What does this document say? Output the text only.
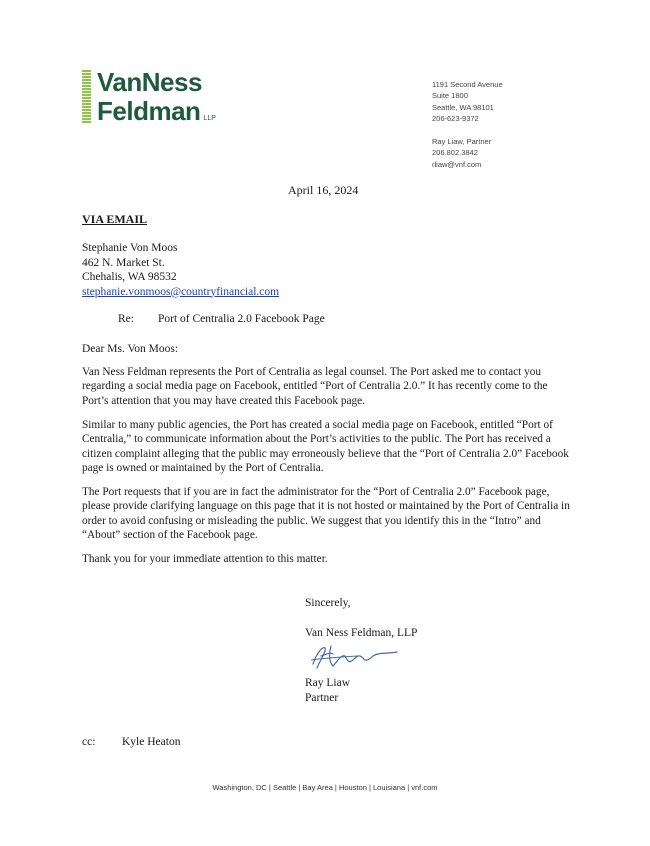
VanNess
Feldman LLP
1191 Second Avenue
Suite 1800
Seattle, WA 98101
206-623-9372
Ray Liaw, Partner
206.802.3842
rliaw@vnf.com
April 16, 2024
VIA EMAIL
Stephanie Von Moos
462 N. Market St.
Chehalis, WA 98532
stephanie.vonmoos@countryfinancial.com
Re: Port of Centralia 2.0 Facebook Page
Dear Ms. Von Moos:

Van Ness Feldman represents the Port of Centralia as legal counsel. The Port asked me to contact you regarding a social media page on Facebook, entitled “Port of Centralia 2.0.” It has recently come to the Port’s attention that you may have created this Facebook page.

Similar to many public agencies, the Port has created a social media page on Facebook, entitled “Port of Centralia,” to communicate information about the Port’s activities to the public. The Port has received a citizen complaint alleging that the public may erroneously believe that the “Port of Centralia 2.0” Facebook page is owned or maintained by the Port of Centralia.

The Port requests that if you are in fact the administrator for the “Port of Centralia 2.0” Facebook page, please provide clarifying language on this page that it is not hosted or maintained by the Port of Centralia in order to avoid confusing or misleading the public. We suggest that you identify this in the “Intro” and “About” section of the Facebook page.

Thank you for your immediate attention to this matter.

Sincerely,
Van Ness Feldman, LLP
Ray Liaw
Partner
cc: Kyle Heaton
Washington, DC | Seattle | Bay Area | Houston | Louisiana | vnf.com
